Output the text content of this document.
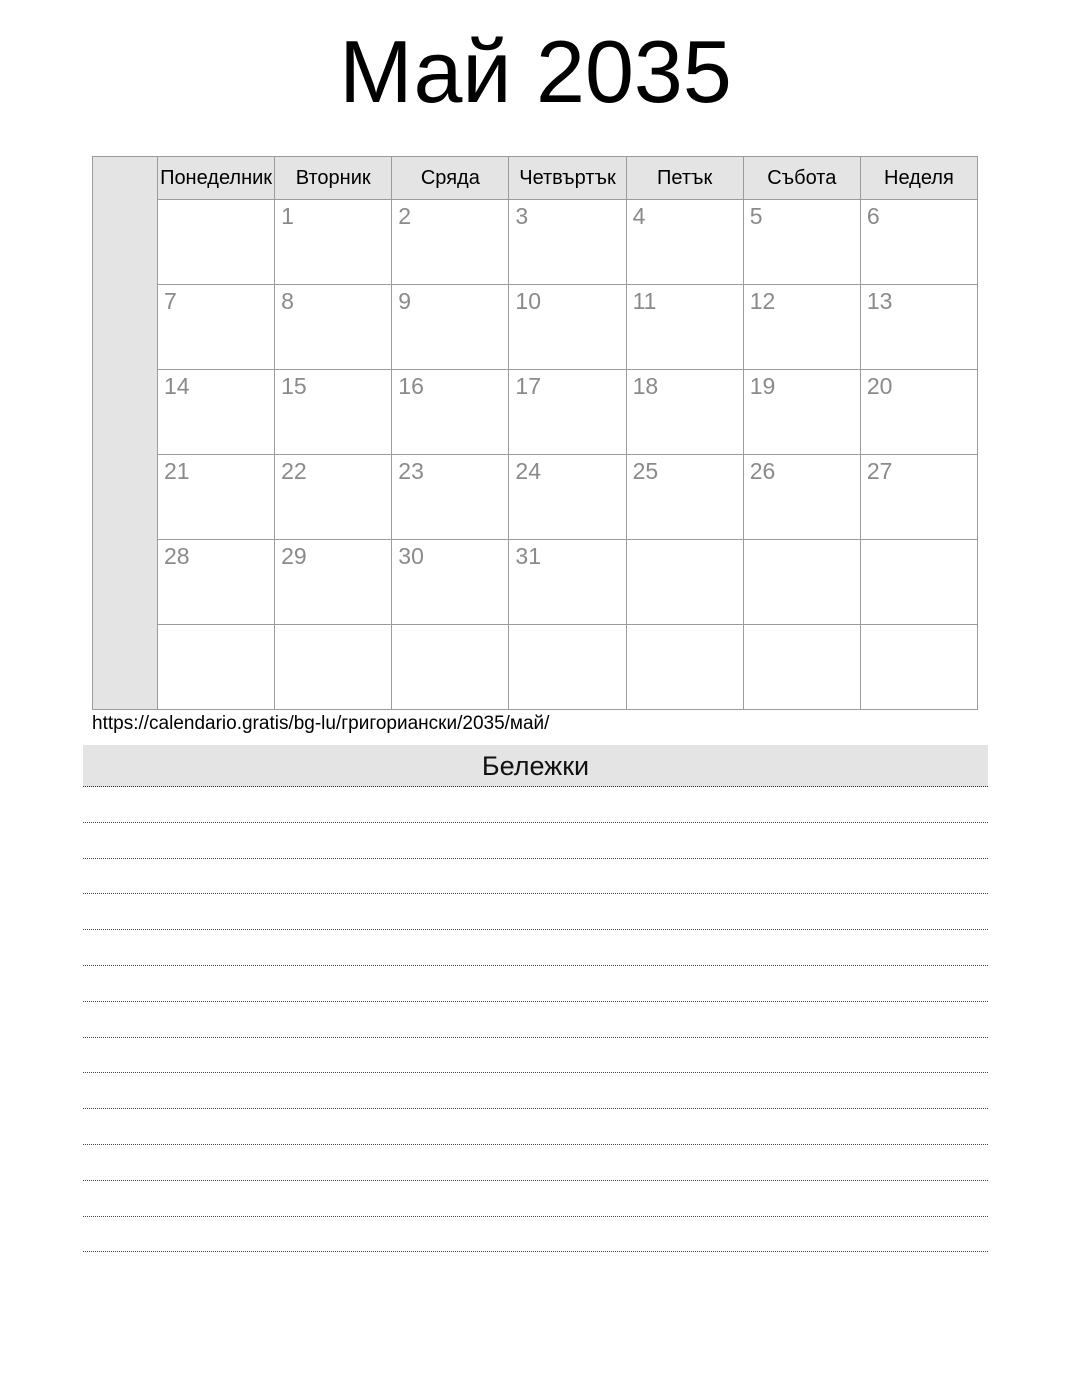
Май 2035
	Понеделник	Вторник	Сряда	Четвъртък	Петък	Събота	Неделя
		1	2	3	4	5	6
	7	8	9	10	11	12	13
	14	15	16	17	18	19	20
	21	22	23	24	25	26	27
	28	29	30	31			

https://calendario.gratis/bg-lu/григориански/2035/май/
Бележки
